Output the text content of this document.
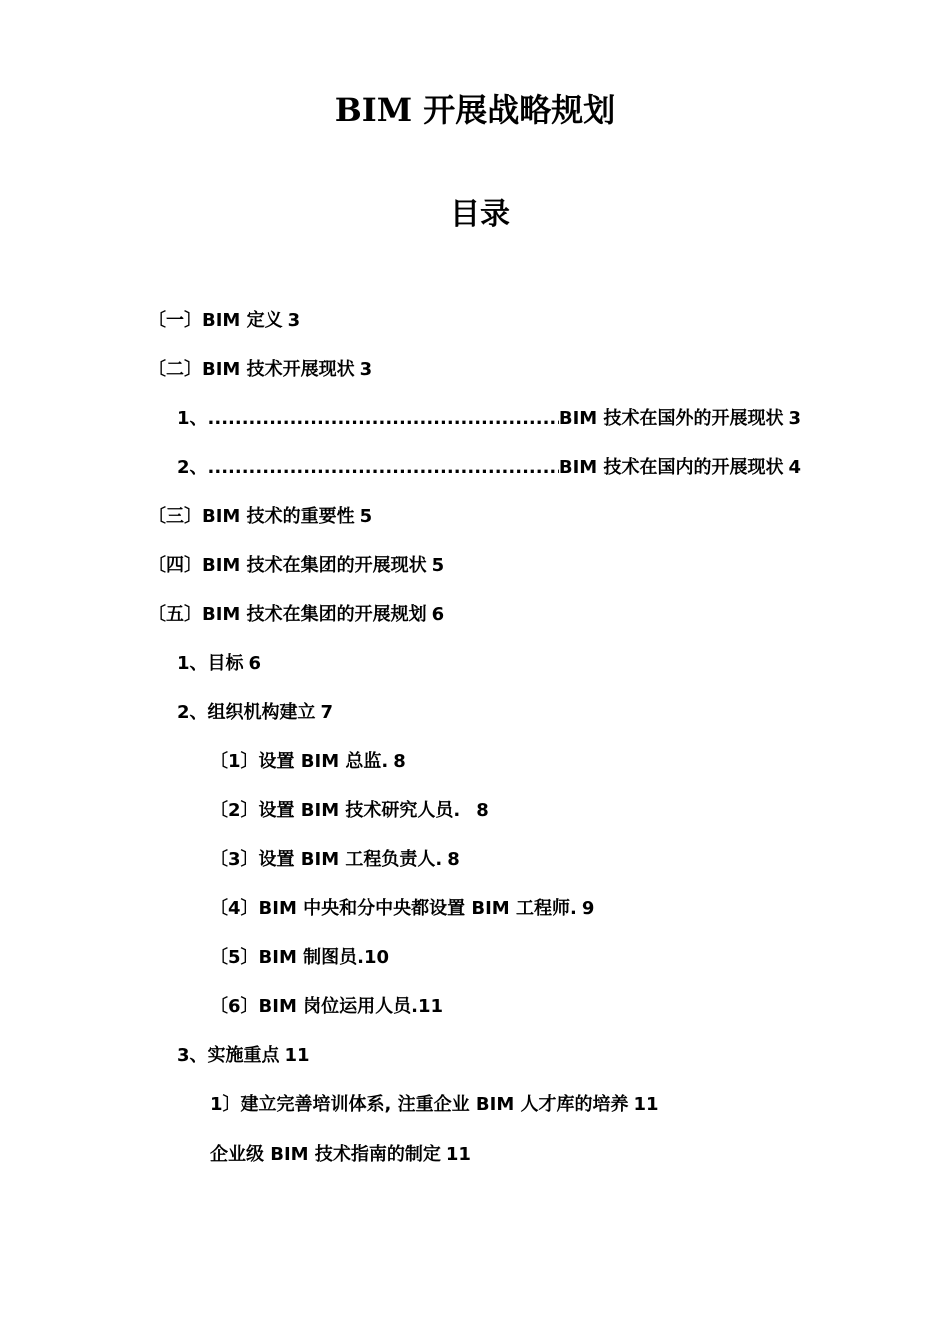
BIM 开展战略规划
目录
〔一〕BIM 定义 3
〔二〕BIM 技术开展现状 3
1、 .....	BIM 技术在国外的开展现状 3
2、 .....	BIM 技术在国内的开展现状 4
〔三〕BIM 技术的重要性 5
〔四〕BIM 技术在集团的开展现状 5
〔五〕BIM 技术在集团的开展规划 6
1、目标 6
2、组织机构建立 7
〔1〕设置 BIM 总监. 8
〔2〕设置 BIM 技术研究人员. 8
〔3〕设置 BIM 工程负责人. 8
〔4〕BIM 中央和分中央都设置 BIM 工程师. 9
〔5〕BIM 制图员.10
〔6〕BIM 岗位运用人员.11
3、实施重点 11
1〕建立完善培训体系, 注重企业 BIM 人才库的培养 11
企业级 BIM 技术指南的制定 11
